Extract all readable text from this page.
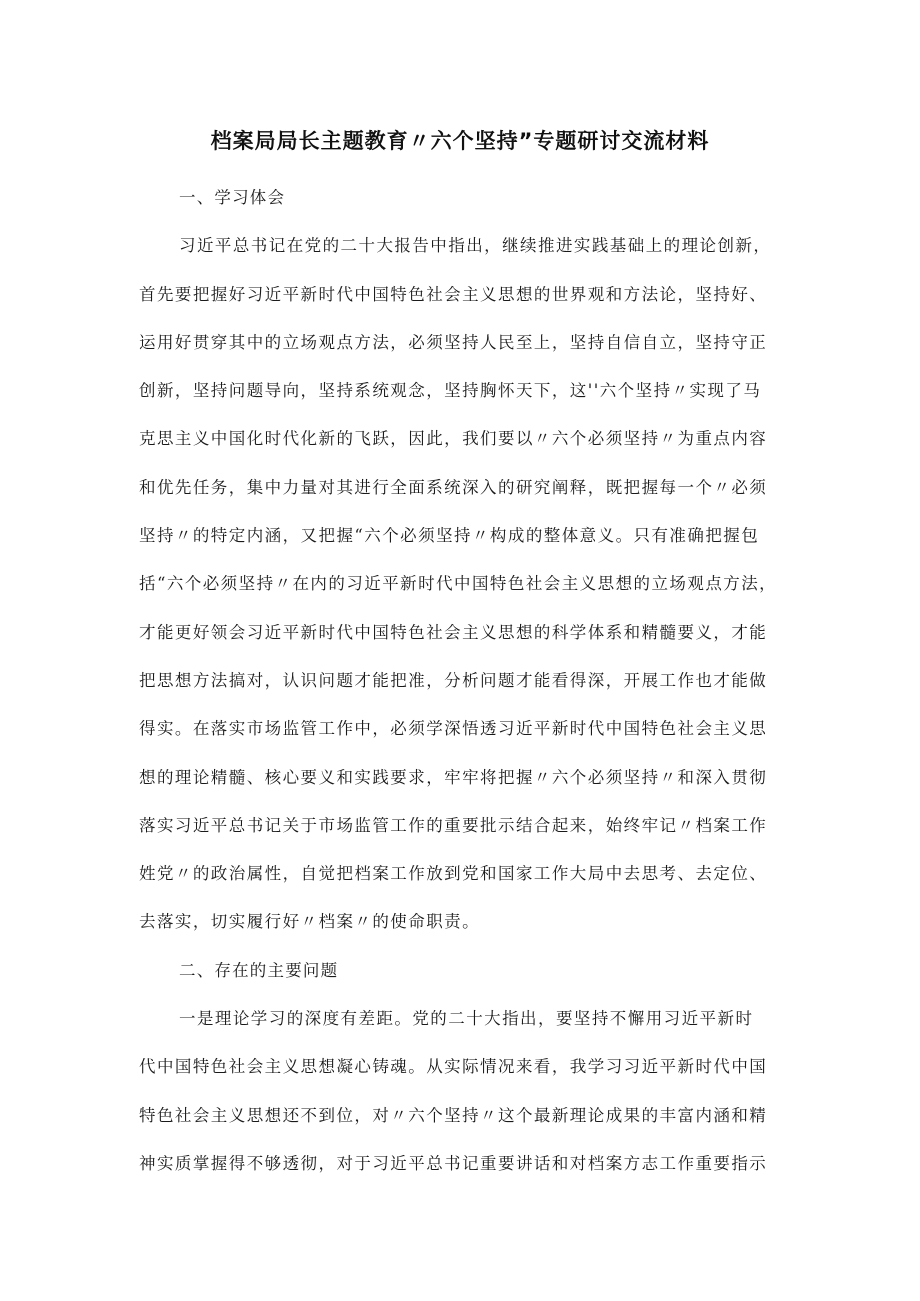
档案局局长主题教育〃六个坚持”专题研讨交流材料
一、学习体会
习近平总书记在党的二十大报告中指出，继续推进实践基础上的理论创新，
首先要把握好习近平新时代中国特色社会主义思想的世界观和方法论，坚持好、
运用好贯穿其中的立场观点方法，必须坚持人民至上，坚持自信自立，坚持守正
创新，坚持问题导向，坚持系统观念，坚持胸怀天下，这''六个坚持〃实现了马
克思主义中国化时代化新的飞跃，因此，我们要以〃六个必须坚持〃为重点内容
和优先任务，集中力量对其进行全面系统深入的研究阐释，既把握每一个〃必须
坚持〃的特定内涵，又把握“六个必须坚持〃构成的整体意义。只有准确把握包
括“六个必须坚持〃在内的习近平新时代中国特色社会主义思想的立场观点方法，
才能更好领会习近平新时代中国特色社会主义思想的科学体系和精髓要义，才能
把思想方法搞对，认识问题才能把准，分析问题才能看得深，开展工作也才能做
得实。在落实市场监管工作中，必须学深悟透习近平新时代中国特色社会主义思
想的理论精髓、核心要义和实践要求，牢牢将把握〃六个必须坚持〃和深入贯彻
落实习近平总书记关于市场监管工作的重要批示结合起来，始终牢记〃档案工作
姓党〃的政治属性，自觉把档案工作放到党和国家工作大局中去思考、去定位、
去落实，切实履行好〃档案〃的使命职责。
二、存在的主要问题
一是理论学习的深度有差距。党的二十大指出，要坚持不懈用习近平新时
代中国特色社会主义思想凝心铸魂。从实际情况来看，我学习习近平新时代中国
特色社会主义思想还不到位，对〃六个坚持〃这个最新理论成果的丰富内涵和精
神实质掌握得不够透彻，对于习近平总书记重要讲话和对档案方志工作重要指示
